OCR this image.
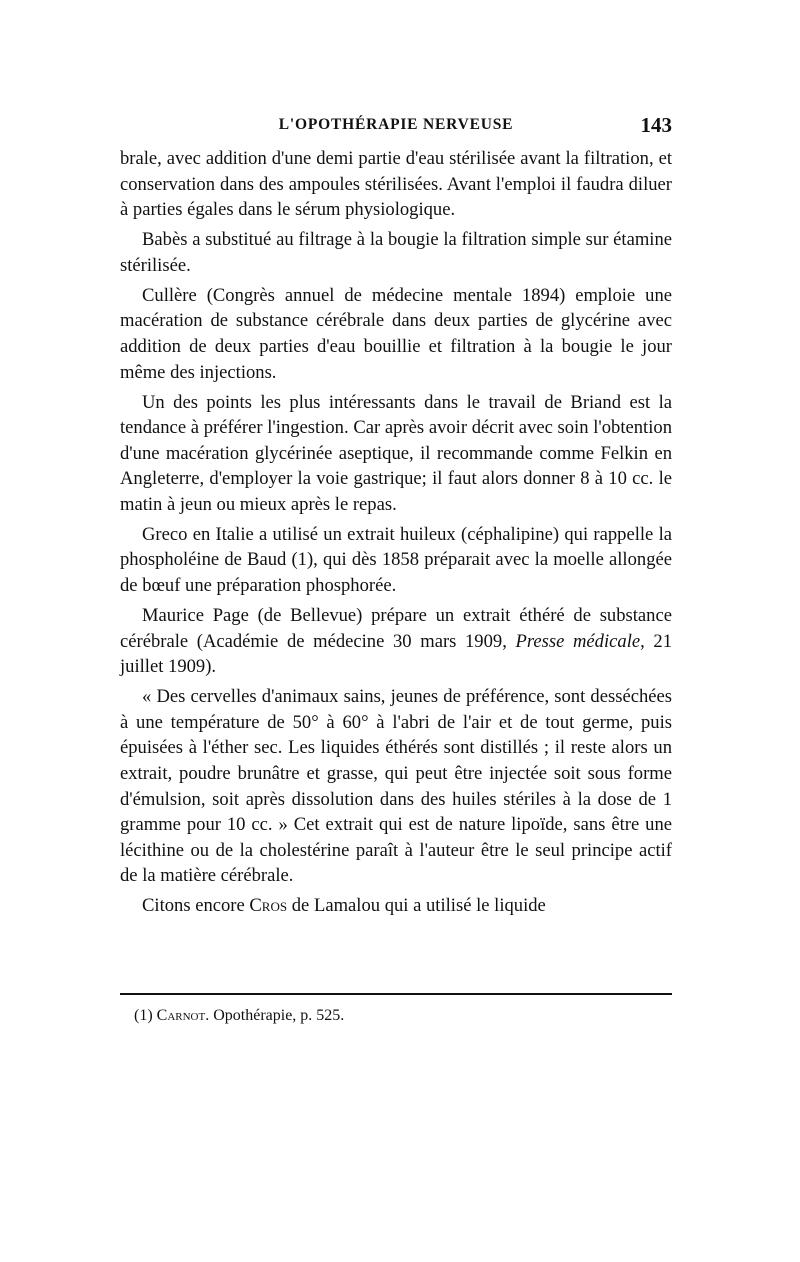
L'OPOTHÉRAPIE NERVEUSE	143

brale, avec addition d'une demi partie d'eau stérilisée avant la filtration, et conservation dans des ampoules stérilisées. Avant l'emploi il faudra diluer à parties égales dans le sérum physiologique.

Babès a substitué au filtrage à la bougie la filtration simple sur étamine stérilisée.

Cullère (Congrès annuel de médecine mentale 1894) emploie une macération de substance cérébrale dans deux parties de glycérine avec addition de deux parties d'eau bouillie et filtration à la bougie le jour même des injections.

Un des points les plus intéressants dans le travail de Briand est la tendance à préférer l'ingestion. Car après avoir décrit avec soin l'obtention d'une macération glycérinée aseptique, il recommande comme Felkin en Angleterre, d'employer la voie gastrique; il faut alors donner 8 à 10 cc. le matin à jeun ou mieux après le repas.

Greco en Italie a utilisé un extrait huileux (céphalipine) qui rappelle la phospholéine de Baud (1), qui dès 1858 préparait avec la moelle allongée de bœuf une préparation phosphorée.

Maurice Page (de Bellevue) prépare un extrait éthéré de substance cérébrale (Académie de médecine 30 mars 1909, Presse médicale, 21 juillet 1909).

« Des cervelles d'animaux sains, jeunes de préférence, sont desséchées à une température de 50° à 60° à l'abri de l'air et de tout germe, puis épuisées à l'éther sec. Les liquides éthérés sont distillés ; il reste alors un extrait, poudre brunâtre et grasse, qui peut être injectée soit sous forme d'émulsion, soit après dissolution dans des huiles stériles à la dose de 1 gramme pour 10 cc. » Cet extrait qui est de nature lipoïde, sans être une lécithine ou de la cholestérine paraît à l'auteur être le seul principe actif de la matière cérébrale.

Citons encore Cros de Lamalou qui a utilisé le liquide

(1) Carnot. Opothérapie, p. 525.
